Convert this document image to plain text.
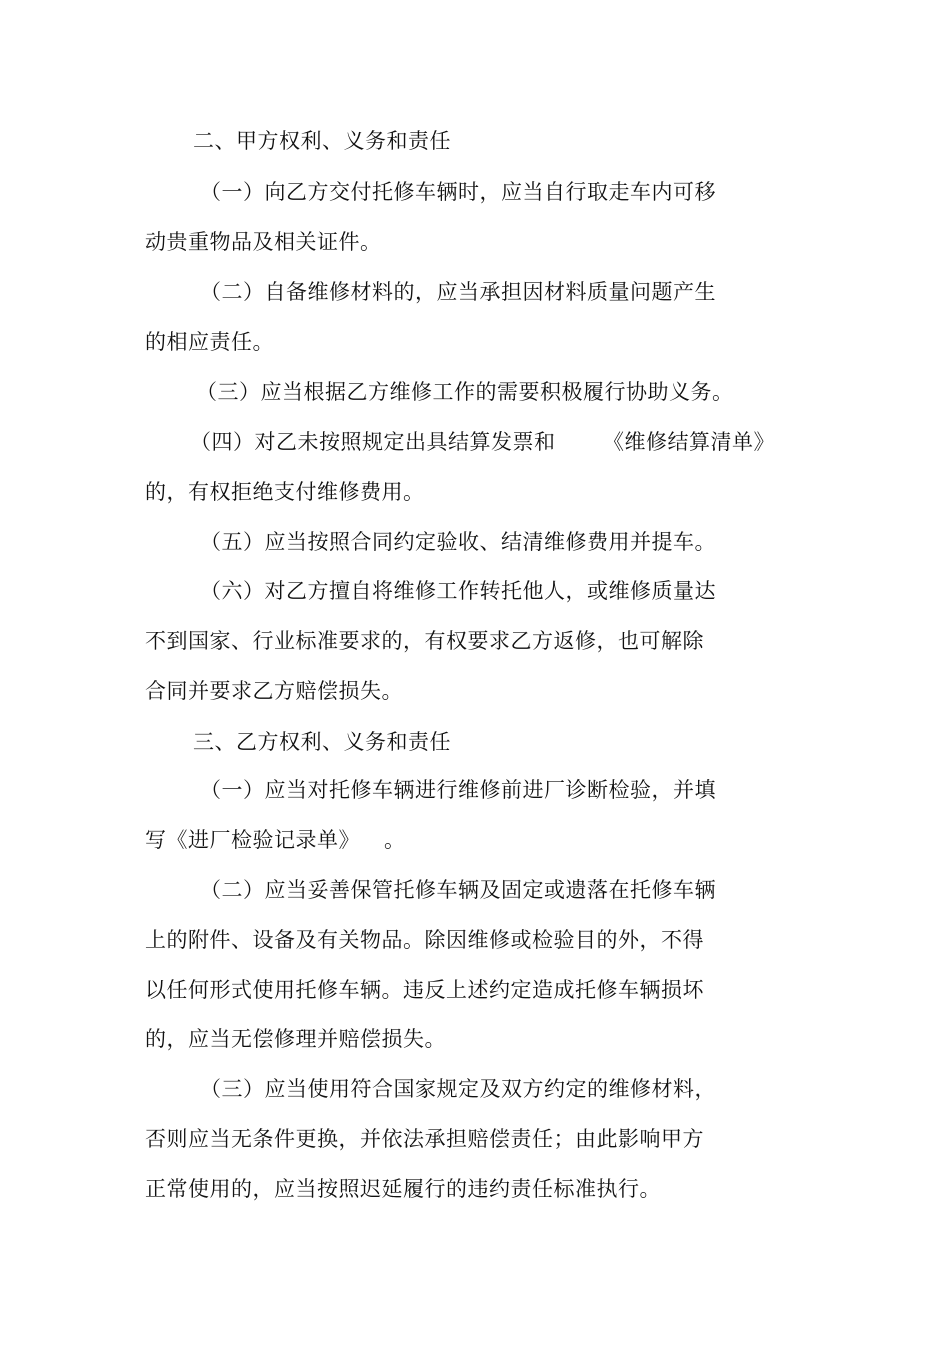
二、甲方权利、义务和责任
（一）向乙方交付托修车辆时，应当自行取走车内可移
动贵重物品及相关证件。
（二）自备维修材料的，应当承担因材料质量问题产生
的相应责任。
（三）应当根据乙方维修工作的需要积极履行协助义务。
（四）对乙未按照规定出具结算发票和 《维修结算清单》
的，有权拒绝支付维修费用。
（五）应当按照合同约定验收、结清维修费用并提车。
（六）对乙方擅自将维修工作转托他人，或维修质量达
不到国家、行业标准要求的，有权要求乙方返修，也可解除
合同并要求乙方赔偿损失。
三、乙方权利、义务和责任
（一）应当对托修车辆进行维修前进厂诊断检验，并填
写《进厂检验记录单》 。
（二）应当妥善保管托修车辆及固定或遗落在托修车辆
上的附件、设备及有关物品。除因维修或检验目的外，不得
以任何形式使用托修车辆。违反上述约定造成托修车辆损坏
的，应当无偿修理并赔偿损失。
（三）应当使用符合国家规定及双方约定的维修材料，
否则应当无条件更换，并依法承担赔偿责任；由此影响甲方
正常使用的，应当按照迟延履行的违约责任标准执行。
